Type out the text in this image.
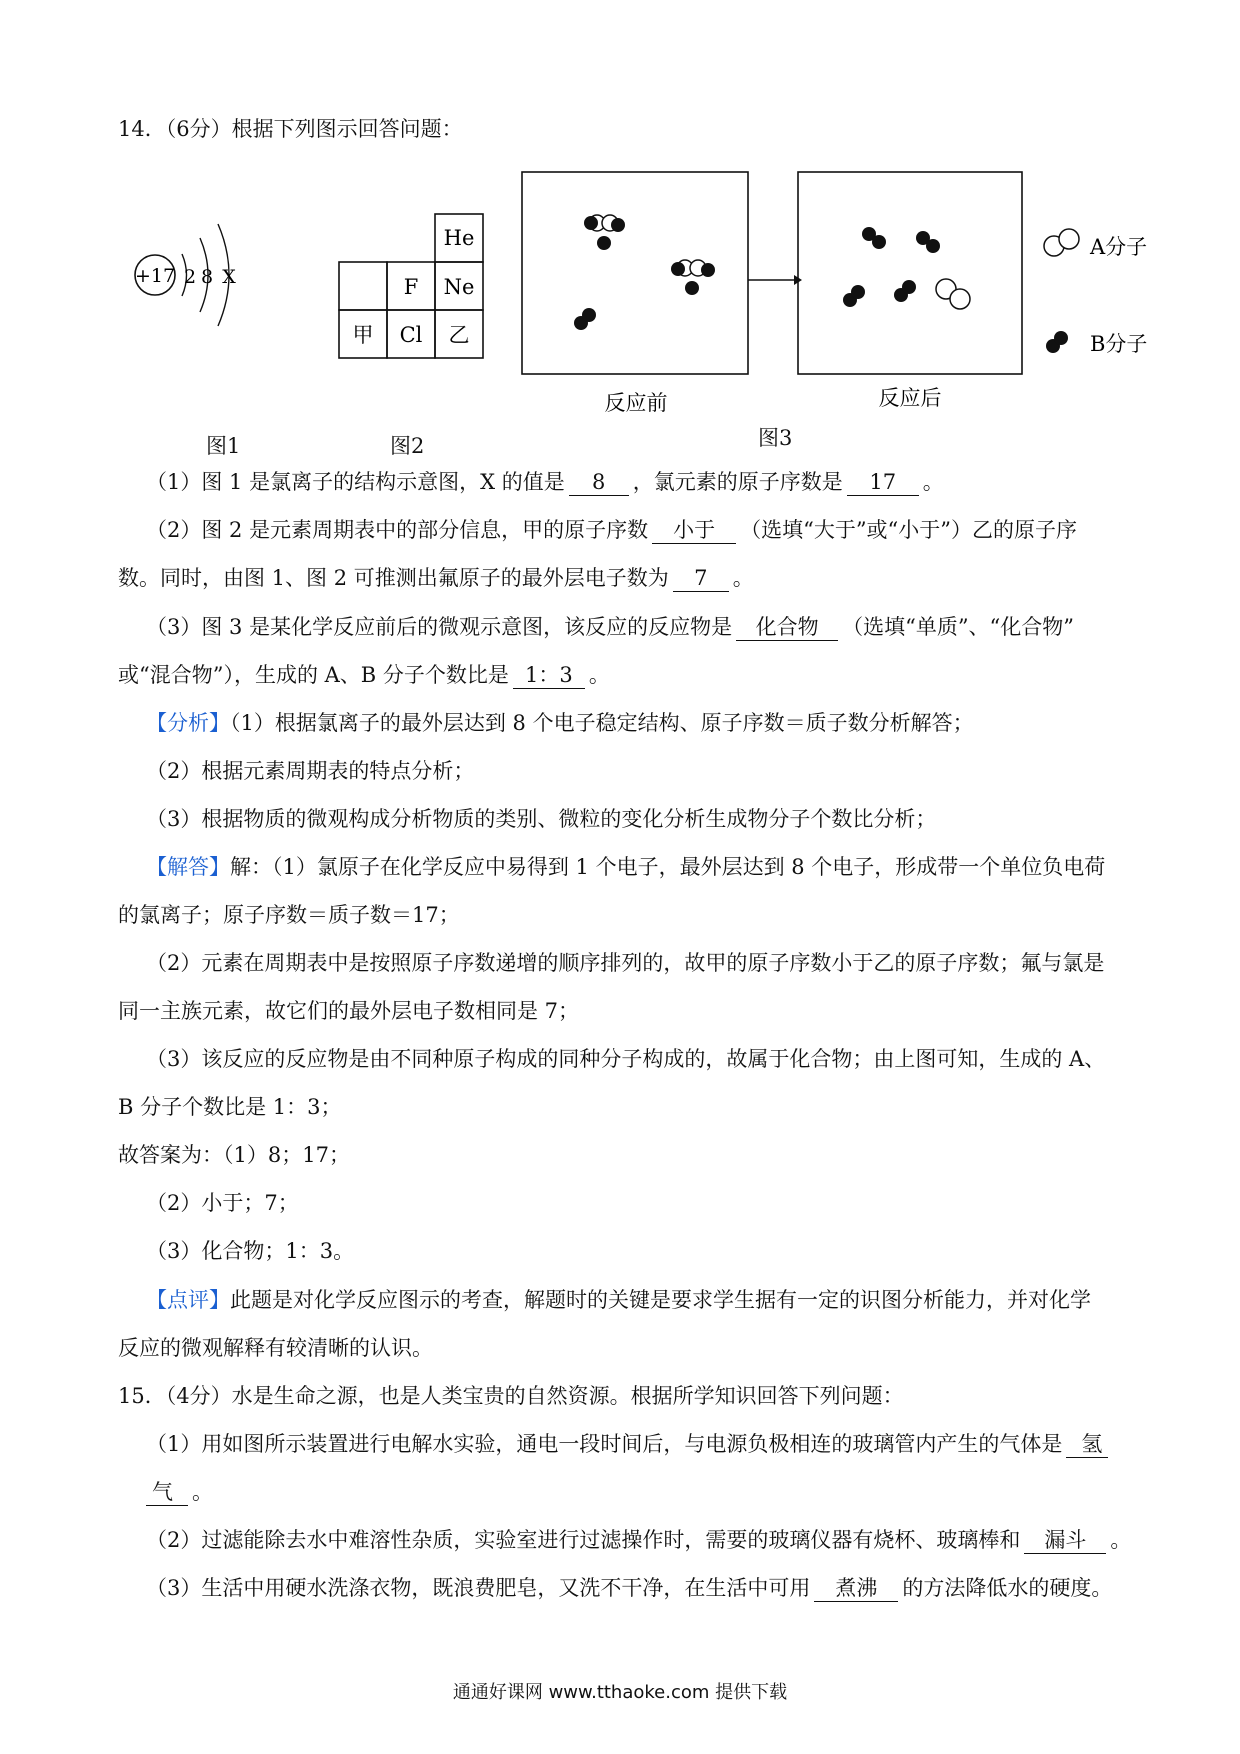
14．（6分）根据下列图示回答问题：
+17 2 8 X
图1
He
F Ne
甲 Cl 乙
图2
A分子
B分子
反应前	反应后
图3
（1）图 1 是氯离子的结构示意图，X 的值是 8 ，氯元素的原子序数是 17 。
（2）图 2 是元素周期表中的部分信息，甲的原子序数 小于 （选填“大于”或“小于”）乙的原子序
数。同时，由图 1、图 2 可推测出氟原子的最外层电子数为 7 。
（3）图 3 是某化学反应前后的微观示意图，该反应的反应物是 化合物 （选填“单质”、“化合物”
或“混合物”），生成的 A、B 分子个数比是 1：3 。
【分析】（1）根据氯离子的最外层达到 8 个电子稳定结构、原子序数＝质子数分析解答；
（2）根据元素周期表的特点分析；
（3）根据物质的微观构成分析物质的类别、微粒的变化分析生成物分子个数比分析；
【解答】解：（1）氯原子在化学反应中易得到 1 个电子，最外层达到 8 个电子，形成带一个单位负电荷
的氯离子；原子序数＝质子数＝17；
（2）元素在周期表中是按照原子序数递增的顺序排列的，故甲的原子序数小于乙的原子序数；氟与氯是
同一主族元素，故它们的最外层电子数相同是 7；
（3）该反应的反应物是由不同种原子构成的同种分子构成的，故属于化合物；由上图可知，生成的 A、
B 分子个数比是 1：3；
故答案为：（1）8；17；
（2）小于；7；
（3）化合物；1：3。
【点评】此题是对化学反应图示的考查，解题时的关键是要求学生据有一定的识图分析能力，并对化学
反应的微观解释有较清晰的认识。
15．（4分）水是生命之源，也是人类宝贵的自然资源。根据所学知识回答下列问题：
（1）用如图所示装置进行电解水实验，通电一段时间后，与电源负极相连的玻璃管内产生的气体是 氢
气 。
（2）过滤能除去水中难溶性杂质，实验室进行过滤操作时，需要的玻璃仪器有烧杯、玻璃棒和 漏斗 。
（3）生活中用硬水洗涤衣物，既浪费肥皂，又洗不干净，在生活中可用 煮沸 的方法降低水的硬度。
通通好课网 www.tthaoke.com 提供下载
